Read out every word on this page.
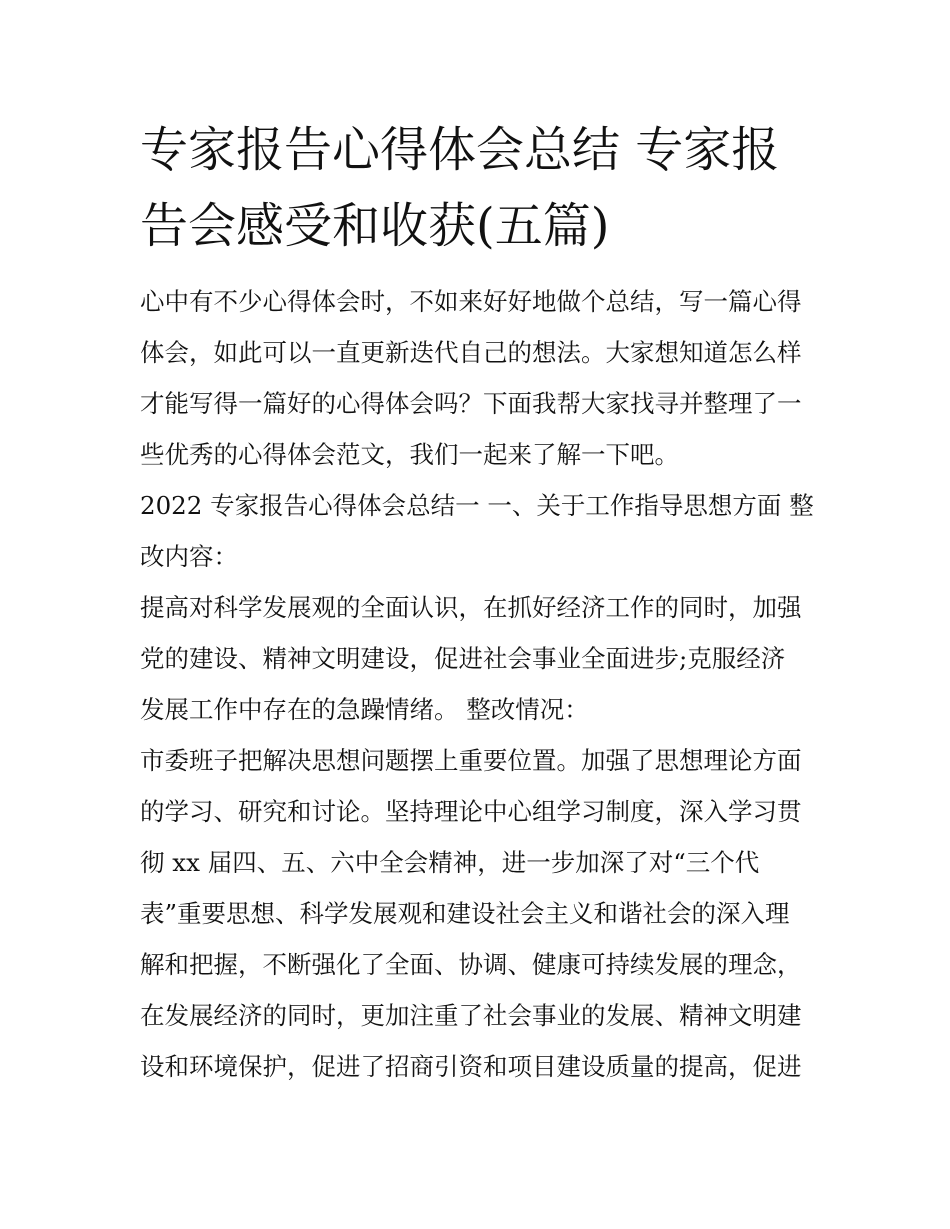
专家报告心得体会总结 专家报
告会感受和收获(五篇)
心中有不少心得体会时，不如来好好地做个总结，写一篇心得
体会，如此可以一直更新迭代自己的想法。大家想知道怎么样
才能写得一篇好的心得体会吗？下面我帮大家找寻并整理了一
些优秀的心得体会范文，我们一起来了解一下吧。
2022 专家报告心得体会总结一 一、关于工作指导思想方面 整
改内容：
提高对科学发展观的全面认识，在抓好经济工作的同时，加强
党的建设、精神文明建设，促进社会事业全面进步;克服经济
发展工作中存在的急躁情绪。 整改情况：
市委班子把解决思想问题摆上重要位置。加强了思想理论方面
的学习、研究和讨论。坚持理论中心组学习制度，深入学习贯
彻 xx 届四、五、六中全会精神，进一步加深了对“三个代
表”重要思想、科学发展观和建设社会主义和谐社会的深入理
解和把握，不断强化了全面、协调、健康可持续发展的理念，
在发展经济的同时，更加注重了社会事业的发展、精神文明建
设和环境保护，促进了招商引资和项目建设质量的提高，促进
